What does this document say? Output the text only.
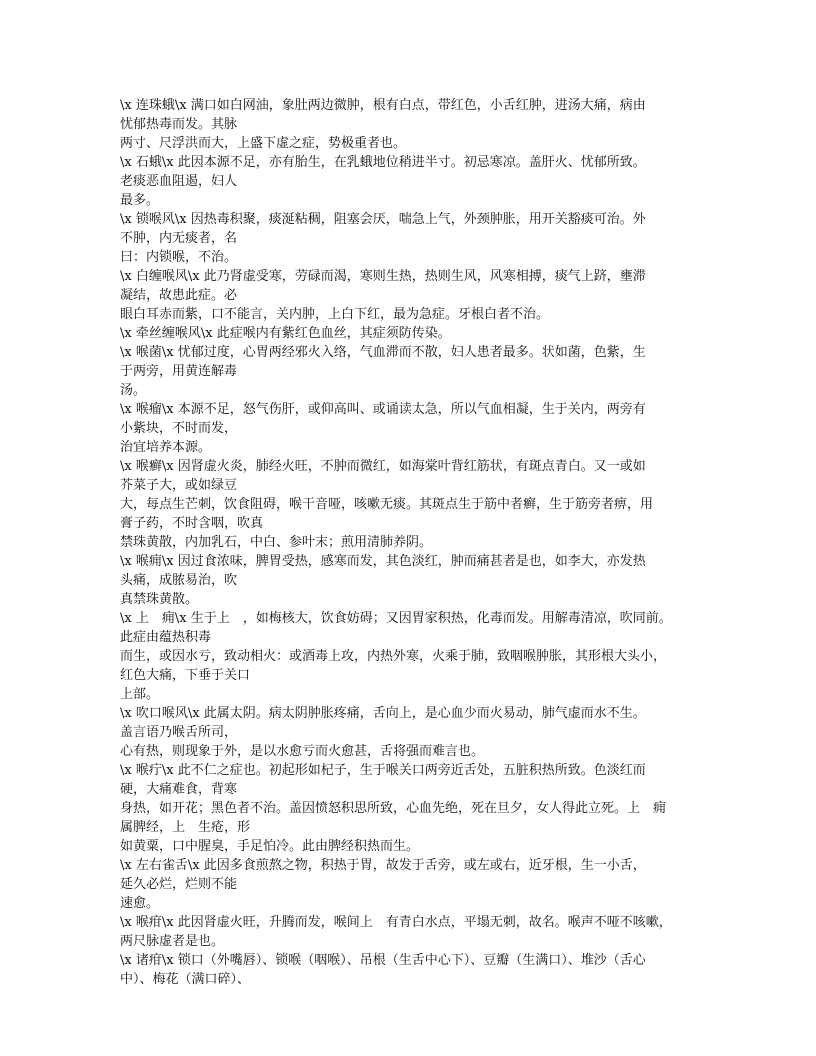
\x 连珠蛾\x 满口如白网油，象肚两边微肿，根有白点，带红色，小舌红肿，进汤大痛，病由
忧郁热毒而发。其脉
两寸、尺浮洪而大，上盛下虚之症，势极重者也。
\x 石蛾\x 此因本源不足，亦有胎生，在乳蛾地位稍进半寸。初忌寒凉。盖肝火、忧郁所致。
老痰恶血阻遏，妇人
最多。
\x 锁喉风\x 因热毒积聚，痰涎粘稠，阻塞会厌，喘急上气，外颈肿胀，用开关豁痰可治。外
不肿，内无痰者，名
曰：内锁喉，不治。
\x 白缠喉风\x 此乃肾虚受寒，劳碌而渴，寒则生热，热则生风，风寒相搏，痰气上跻，壅滞
凝结，故患此症。必
眼白耳赤而紫，口不能言，关内肿，上白下红，最为急症。牙根白者不治。
\x 牵丝缠喉风\x 此症喉内有紫红色血丝，其症须防传染。
\x 喉菌\x 忧郁过度，心胃两经邪火入络，气血滞而不散，妇人患者最多。状如菌，色紫，生
于两旁，用黄连解毒
汤。
\x 喉瘤\x 本源不足，怒气伤肝，或仰高叫、或诵读太急，所以气血相凝，生于关内，两旁有
小紫块，不时而发，
治宜培养本源。
\x 喉癣\x 因肾虚火炎，肺经火旺，不肿而微红，如海棠叶背红筋状，有斑点青白。又一或如
芥菜子大，或如绿豆
大，每点生芒刺，饮食阻碍，喉干音哑，咳嗽无痰。其斑点生于筋中者癣，生于筋旁者痹，用
膏子药，不时含咽，吹真
禁珠黄散，内加乳石，中白、参叶末；煎用清肺养阴。
\x 喉痈\x 因过食浓味，脾胃受热，感寒而发，其色淡红，肿而痛甚者是也，如李大，亦发热
头痛，成脓易治，吹
真禁珠黄散。
\x 上　痈\x 生于上　，如梅核大，饮食妨碍；又因胃家积热，化毒而发。用解毒清凉，吹同前。
此症由蕴热积毒
而生，或因水亏，致动相火：或酒毒上攻，内热外寒，火乘于肺，致咽喉肿胀，其形根大头小，
红色大痛，下垂于关口
上部。
\x 吹口喉风\x 此属太阴。病太阴肿胀疼痛，舌向上，是心血少而火易动，肺气虚而水不生。
盖言语乃喉舌所司，
心有热，则现象于外，是以水愈亏而火愈甚，舌将强而难言也。
\x 喉疔\x 此不仁之症也。初起形如杞子，生于喉关口两旁近舌处，五脏积热所致。色淡红而
硬，大痛难食，背寒
身热，如开花；黑色者不治。盖因愤怒积思所致，心血先绝，死在旦夕，女人得此立死。上　痈
属脾经，上　生疮，形
如黄粟，口中腥臭，手足怕冷。此由脾经积热而生。
\x 左右雀舌\x 此因多食煎熬之物，积热于胃，故发于舌旁，或左或右，近牙根，生一小舌，
延久必烂，烂则不能
速愈。
\x 喉疳\x 此因肾虚火旺，升腾而发，喉间上　有青白水点，平塌无刺，故名。喉声不哑不咳嗽，
两尺脉虚者是也。
\x 诸疳\x 锁口（外嘴唇）、锁喉（咽喉）、吊根（生舌中心下）、豆瓣（生满口）、堆沙（舌心
中）、梅花（满口碎）、
